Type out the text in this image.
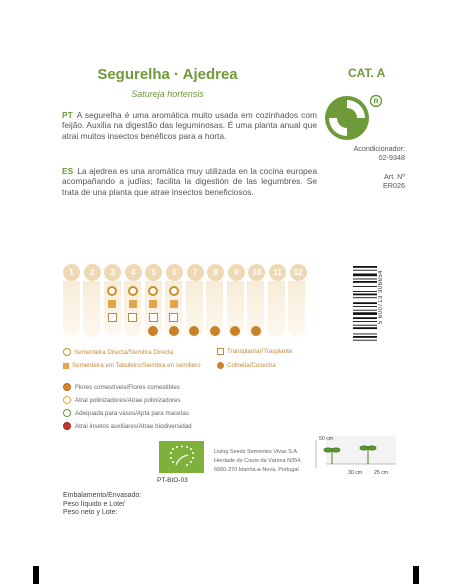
Segurelha · Ajedrea
Satureja hortensis
PT A segurelha é uma aromática muito usada em cozinhados com feijão. Auxilia na digestão das leguminosas. É uma planta anual que atrai muitos insectos benéficos para a horta.
ES La ajedrea es una aromática muy utilizada en la cocina europea acompañando a judías; facilita la digestión de las legumbres. Se trata de una planta que atrae insectos beneficiosos.
CAT. A
R
Acondicionador:
02-9348
Art. Nº
ER026
1	2	3	4	5	6	7	8	9	10	11	12
Sementeira Directa/Siembra Directa	Transplantar/Trasplante
Sementeira em Tabuleiro/Siembra en semillero	Colheita/Cosecha
Flores comestíveis/Flores comestibles
Atrai polinizadores/Atrae polinizadores
Adequada para vasos/Apta para macetas
Atrai insetos auxiliares/Atrae biodiversidad
PT-BIO-03
Living Seeds Sementes Vivas S.A.
Herdade do Couto da Várzea N354,
6060-270 Idanha-a-Nova, Portugal
50 cm
30 cm 25 cm
Embalamento/Envasado:
Peso líquido e Lote/
Peso neto y Lote:
5 600713 306654
